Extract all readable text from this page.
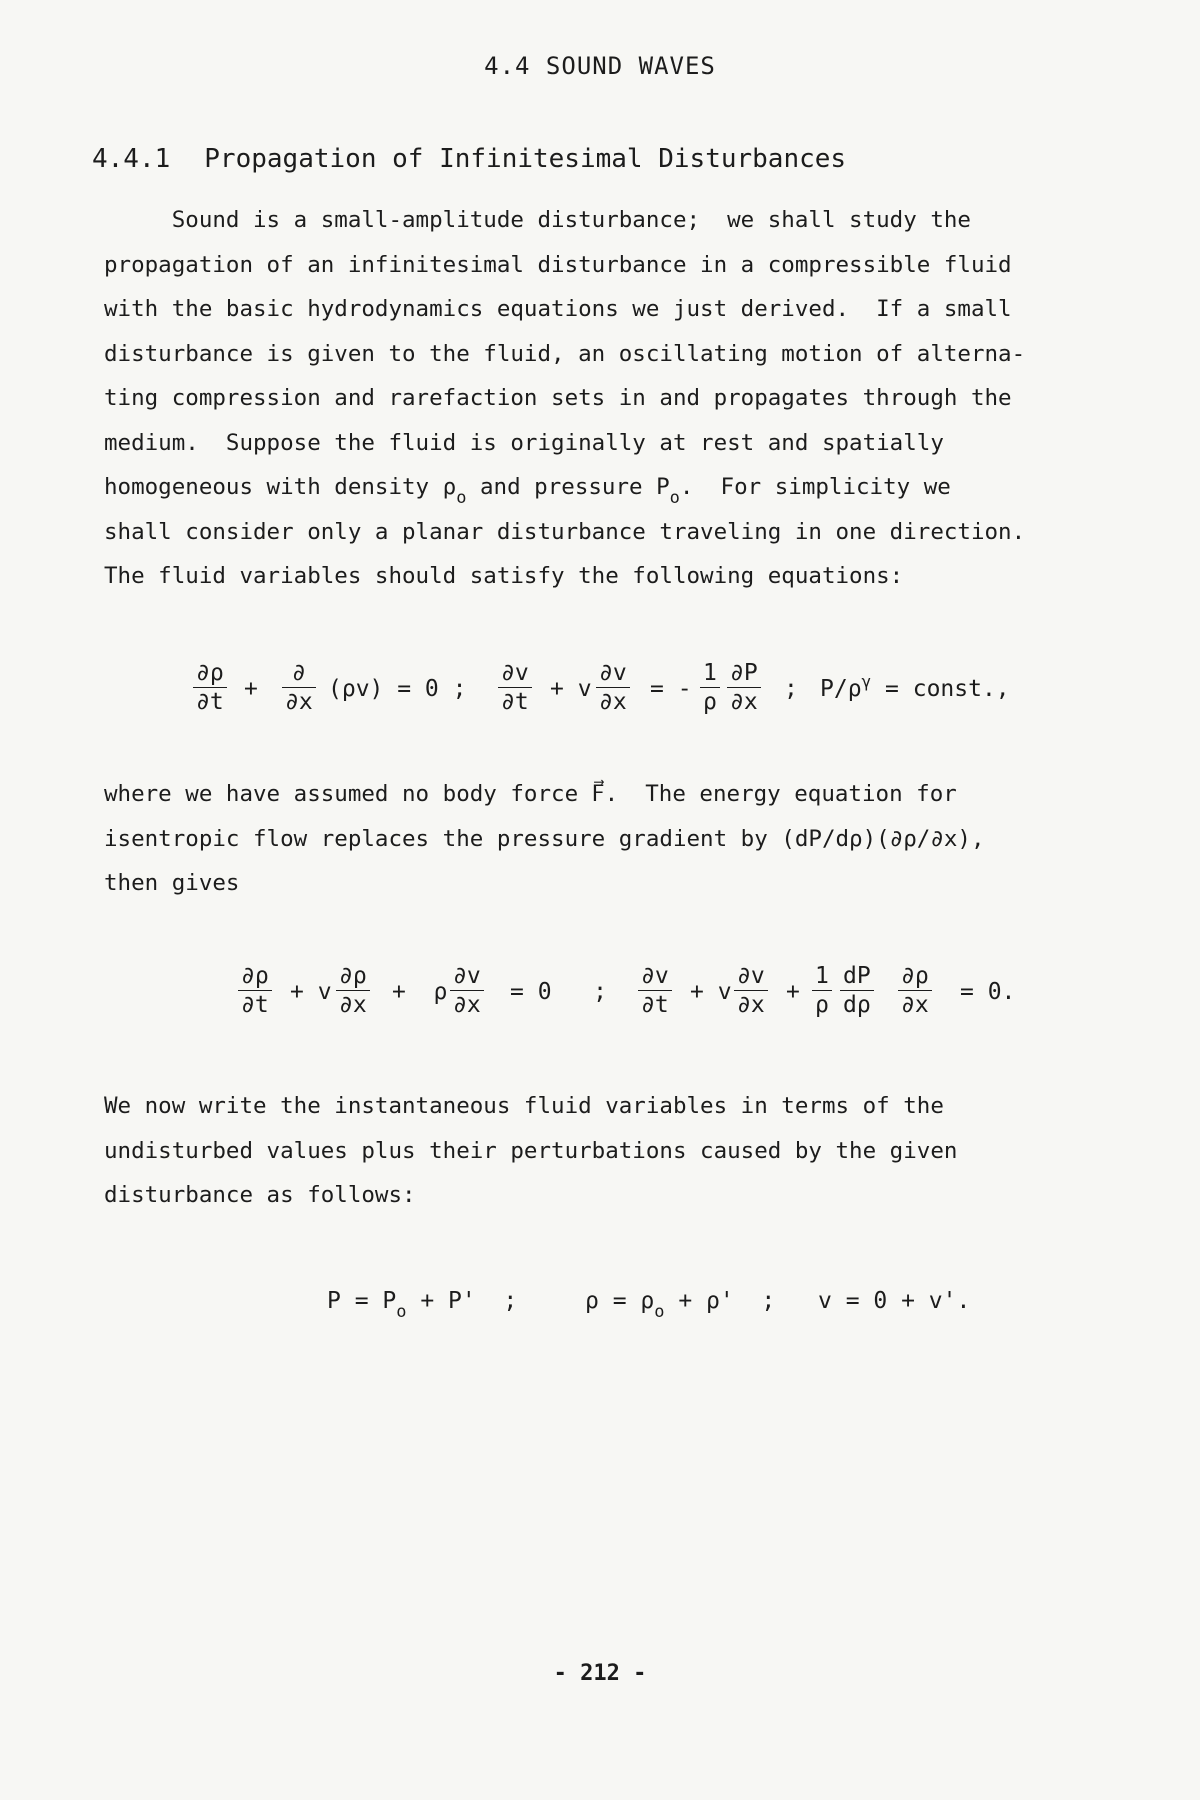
4.4 SOUND WAVES
4.4.1 Propagation of Infinitesimal Disturbances

Sound is a small-amplitude disturbance;  we shall study the
propagation of an infinitesimal disturbance in a compressible fluid
with the basic hydrodynamics equations we just derived.  If a small
disturbance is given to the fluid, an oscillating motion of alterna-
ting compression and rarefaction sets in and propagates through the
medium.  Suppose the fluid is originally at rest and spatially
homogeneous with density $\rho_o$ and pressure $P_o$.  For simplicity we
shall consider only a planar disturbance traveling in one direction.
The fluid variables should satisfy the following equations:

∂ρ
∂t +
∂
∂x (ρv) = 0 ;
∂v
∂t + v
∂v
∂x = -
1
ρ
∂P
∂x ; $P/\rho^\gamma$ = const.,

where we have assumed no body force F⃗.  The energy equation for
isentropic flow replaces the pressure gradient by (dP/dρ)(∂ρ/∂x),
then gives

∂ρ
∂t + v
∂ρ
∂x +  ρ
∂v
∂x = 0   ;
∂v
∂t + v
∂v
∂x +
1
ρ
dP
dρ
∂ρ
∂x = 0.

We now write the instantaneous fluid variables in terms of the
undisturbed values plus their perturbations caused by the given
disturbance as follows:

$P = P_o + P'$  ;	$\rho = \rho_o + \rho'$  ; v = 0 + v'.
- 212 -
